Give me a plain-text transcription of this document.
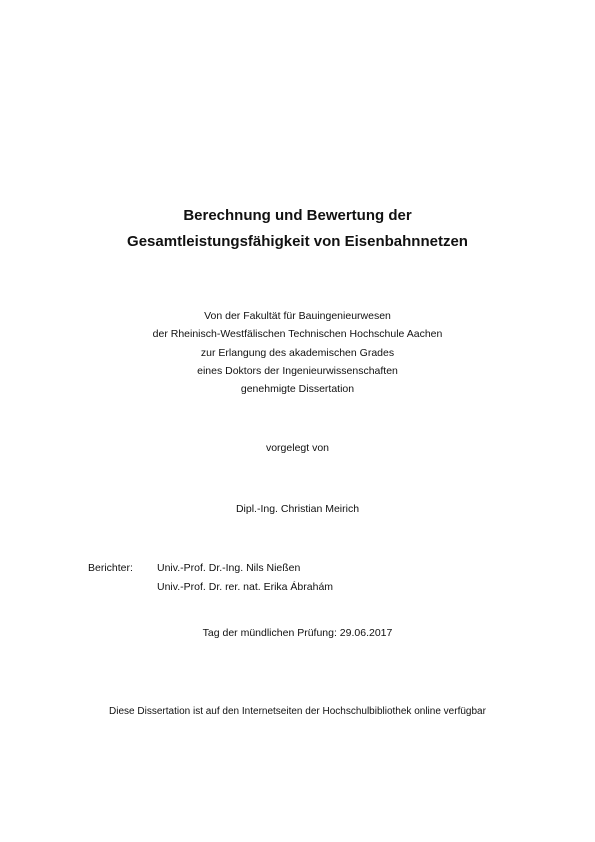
Berechnung und Bewertung der
Gesamtleistungsfähigkeit von Eisenbahnnetzen
Von der Fakultät für Bauingenieurwesen
der Rheinisch-Westfälischen Technischen Hochschule Aachen
zur Erlangung des akademischen Grades
eines Doktors der Ingenieurwissenschaften
genehmigte Dissertation
vorgelegt von
Dipl.-Ing. Christian Meirich
Berichter: Univ.-Prof. Dr.-Ing. Nils Nießen
Univ.-Prof. Dr. rer. nat. Erika Ábrahám
Tag der mündlichen Prüfung: 29.06.2017
Diese Dissertation ist auf den Internetseiten der Hochschulbibliothek online verfügbar
